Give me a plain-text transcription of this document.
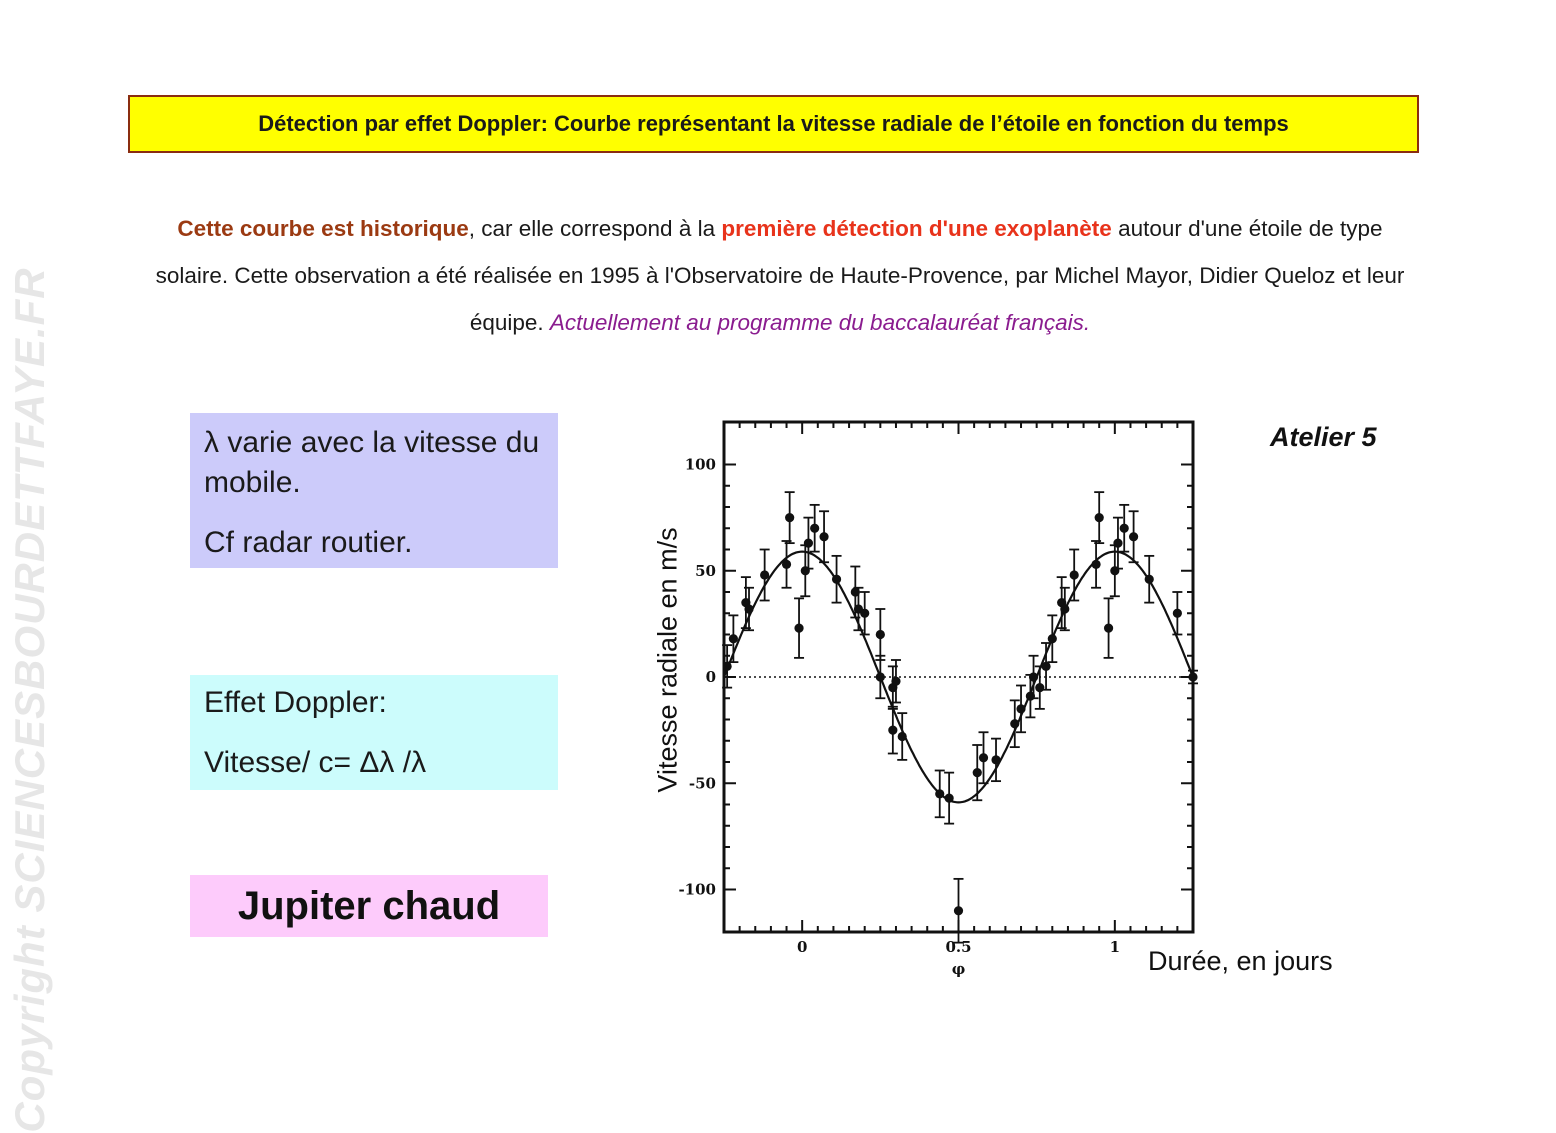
Copyright SCIENCESBOURDETTFAYE.FR
Détection par effet Doppler: Courbe représentant la vitesse radiale de l’étoile en fonction du temps
Cette courbe est historique, car elle correspond à la première détection d'une exoplanète autour d'une étoile de type solaire. Cette observation a été réalisée en 1995 à l'Observatoire de Haute-Provence, par Michel Mayor, Didier Queloz et leur équipe. Actuellement au programme du baccalauréat français.

λ varie avec la vitesse du mobile.

Cf radar routier.

Effet Doppler:

Vitesse/ c= Δλ /λ

Jupiter chaud
Atelier 5
Vitesse radiale en m/s
Durée, en jours
100
50
0
-50
-100
0	0.5	1
φ
